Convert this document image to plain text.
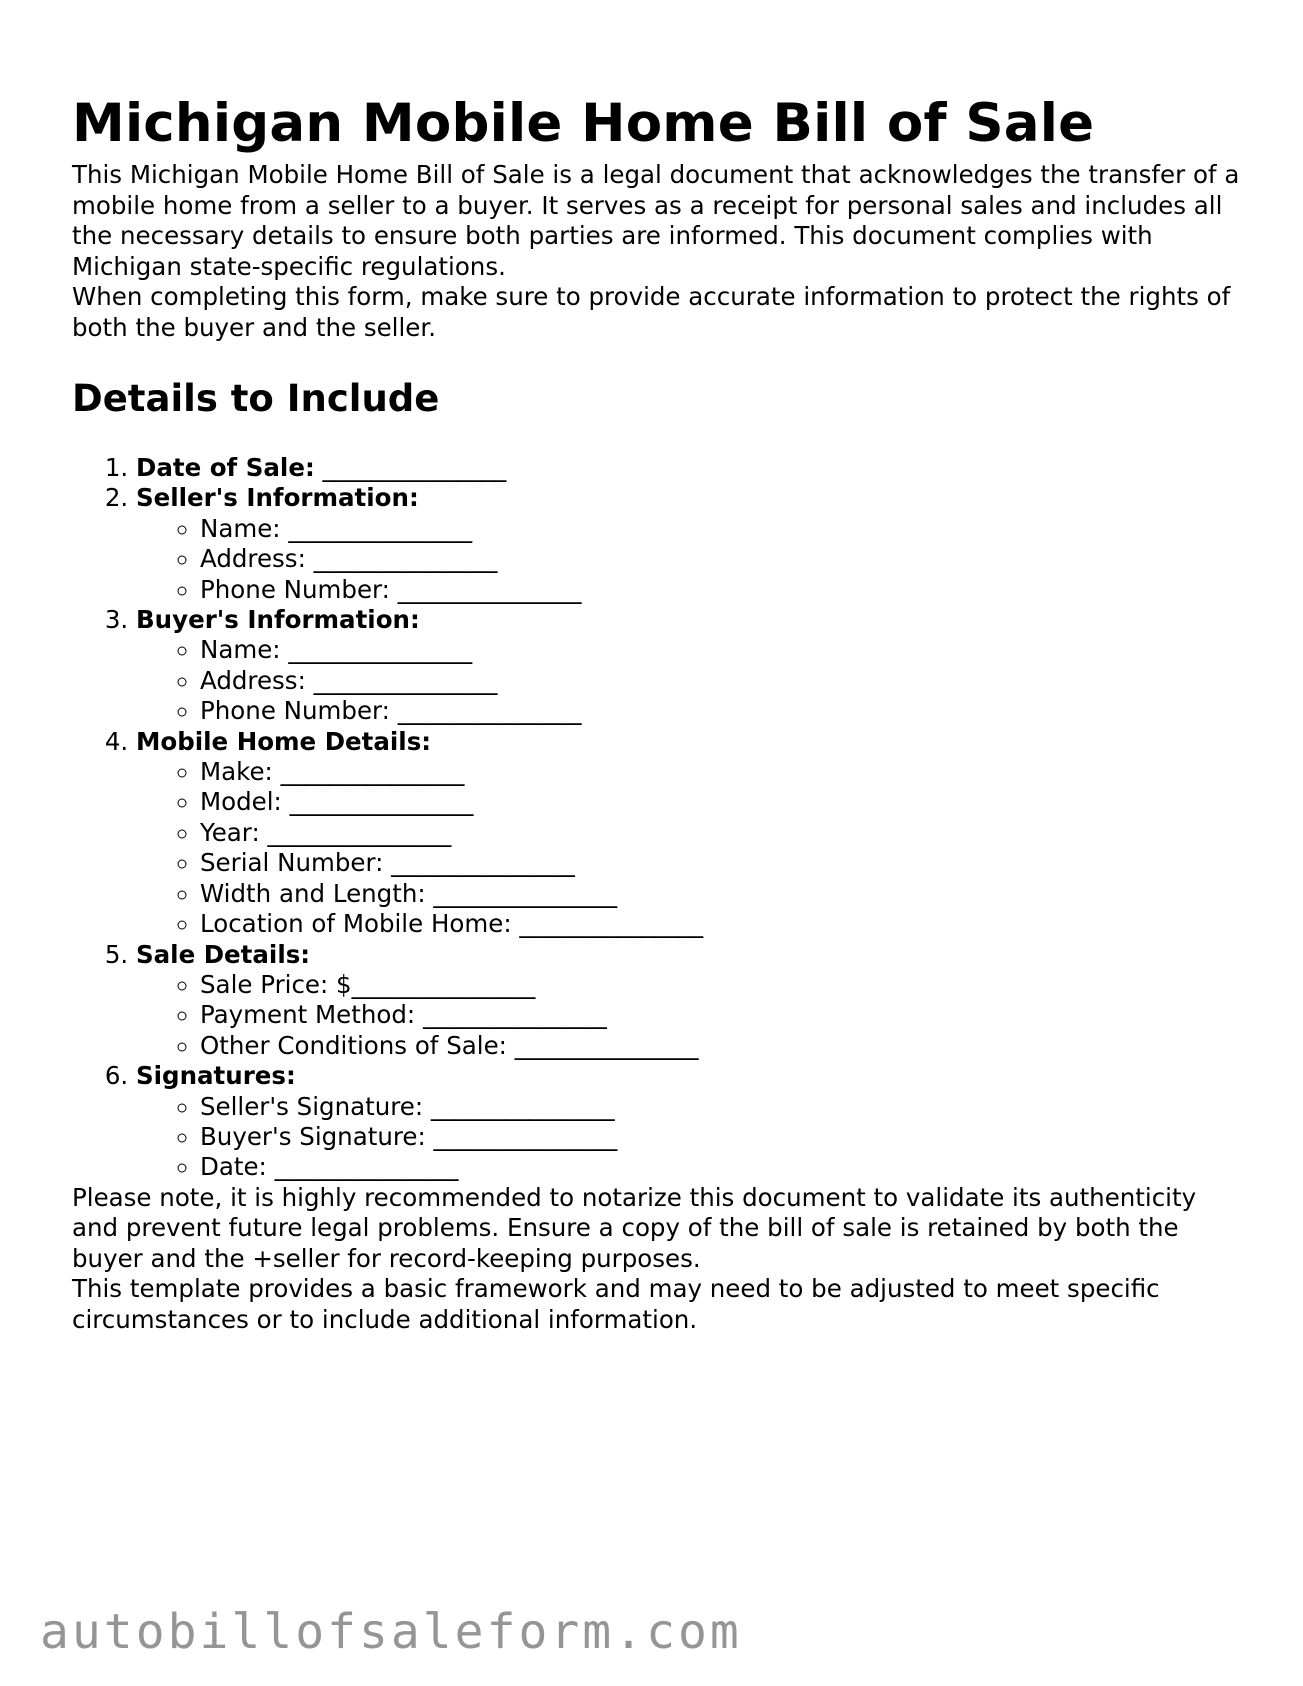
Michigan Mobile Home Bill of Sale

This Michigan Mobile Home Bill of Sale is a legal document that acknowledges the transfer of a mobile home from a seller to a buyer. It serves as a receipt for personal sales and includes all the necessary details to ensure both parties are informed. This document complies with Michigan state-specific regulations.

When completing this form, make sure to provide accurate information to protect the rights of both the buyer and the seller.

Details to Include
1. Date of Sale: _______________
2. Seller's Information:
◦ Name: _______________
◦ Address: _______________
◦ Phone Number: _______________
3. Buyer's Information:
◦ Name: _______________
◦ Address: _______________
◦ Phone Number: _______________
4. Mobile Home Details:
◦ Make: _______________
◦ Model: _______________
◦ Year: _______________
◦ Serial Number: _______________
◦ Width and Length: _______________
◦ Location of Mobile Home: _______________
5. Sale Details:
◦ Sale Price: $_______________
◦ Payment Method: _______________
◦ Other Conditions of Sale: _______________
6. Signatures:
◦ Seller's Signature: _______________
◦ Buyer's Signature: _______________
◦ Date: _______________

Please note, it is highly recommended to notarize this document to validate its authenticity and prevent future legal problems. Ensure a copy of the bill of sale is retained by both the buyer and the +seller for record-keeping purposes.

This template provides a basic framework and may need to be adjusted to meet specific circumstances or to include additional information.

autobillofsaleform.com
